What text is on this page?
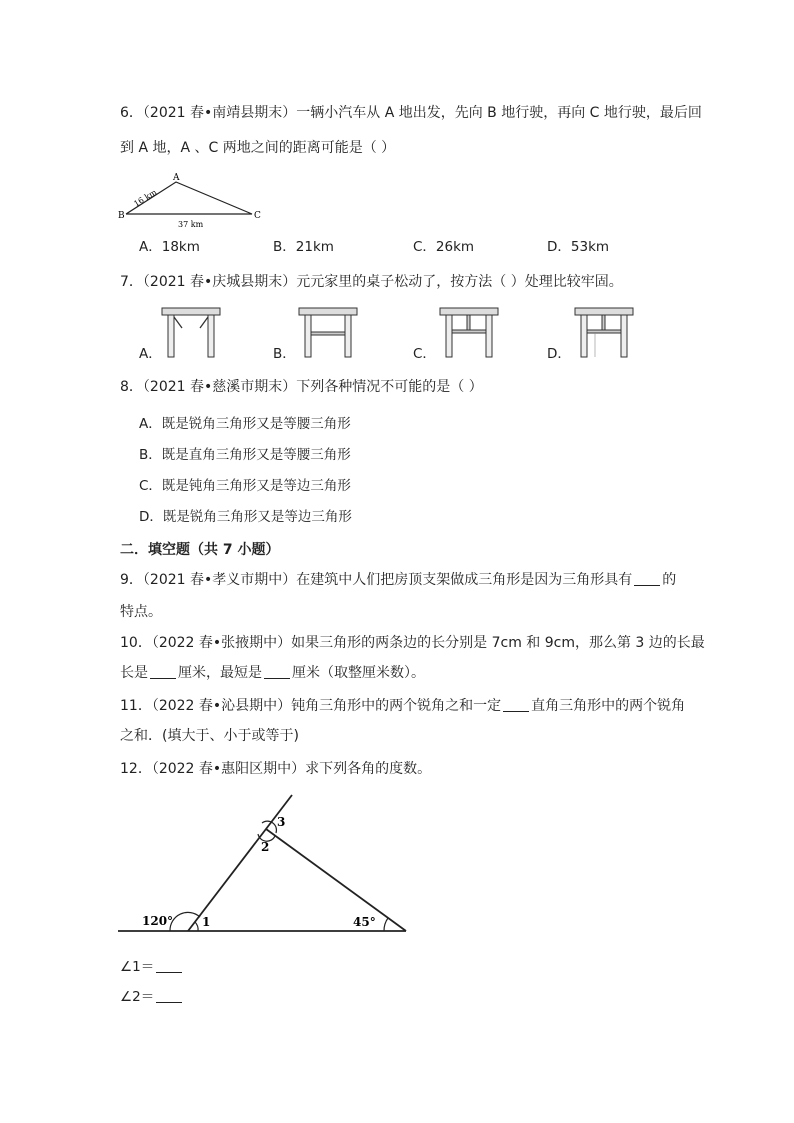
6．（2021 春•南靖县期末）一辆小汽车从 A 地出发，先向 B 地行驶，再向 C 地行驶，最后回
到 A 地，A 、C 两地之间的距离可能是（ ）
A
B	C
16 km
37 km
A．18km	B．21km	C．26km	D．53km
7．（2021 春•庆城县期末）元元家里的桌子松动了，按方法（ ）处理比较牢固。
A．	B．	C．	D．
8．（2021 春•慈溪市期末）下列各种情况不可能的是（ ）
A．既是锐角三角形又是等腰三角形
B．既是直角三角形又是等腰三角形
C．既是钝角三角形又是等边三角形
D．既是锐角三角形又是等边三角形
二．填空题（共 7 小题）
9．（2021 春•孝义市期中）在建筑中人们把房顶支架做成三角形是因为三角形具有 的
特点。
10．（2022 春•张掖期中）如果三角形的两条边的长分别是 7cm 和 9cm，那么第 3 边的长最
长是 厘米，最短是 厘米（取整厘米数）。
11．（2022 春•沁县期中）钝角三角形中的两个锐角之和一定 直角三角形中的两个锐角
之和．(填大于、小于或等于)
12．（2022 春•惠阳区期中）求下列各角的度数。
120° 1	45°
2
3
∠1＝
∠2＝
